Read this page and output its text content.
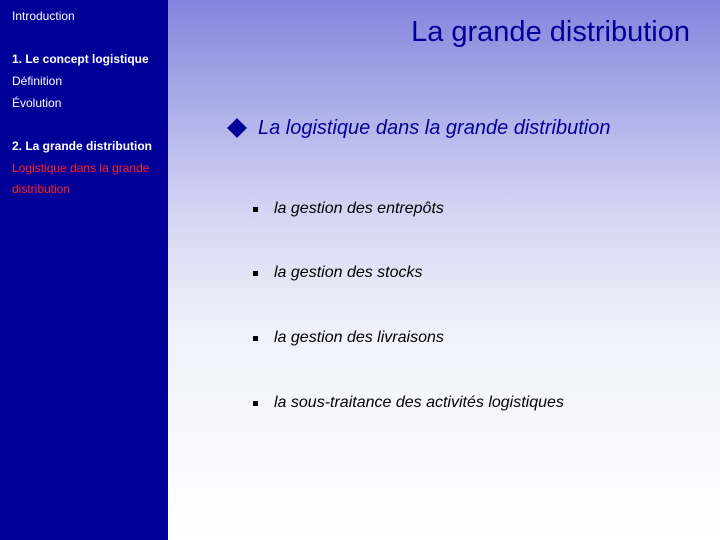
Introduction
1. Le concept logistique
Définition
Évolution
2. La grande distribution
Logistique dans la grande distribution
La grande distribution
La logistique dans la grande distribution
la gestion des entrepôts
la gestion des stocks
la gestion des livraisons
la sous-traitance des activités logistiques
